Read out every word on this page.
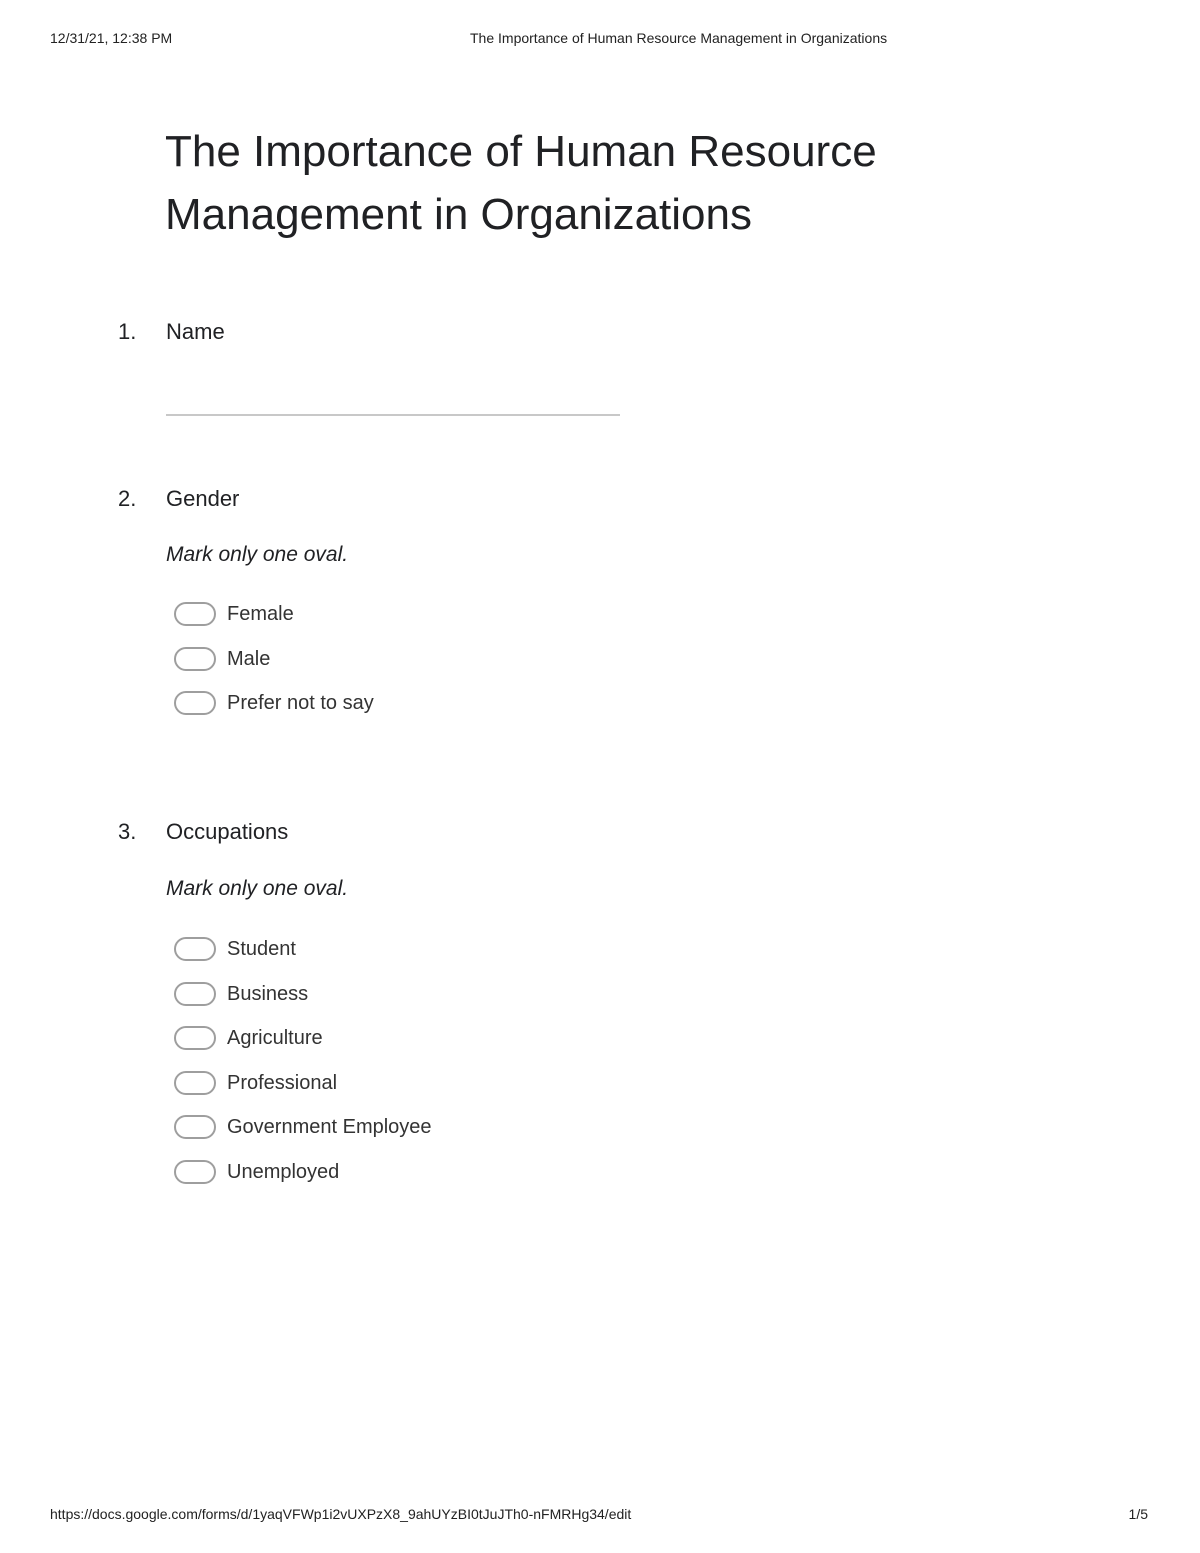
12/31/21, 12:38 PM	The Importance of Human Resource Management in Organizations
The Importance of Human Resource Management in Organizations
1. Name
2. Gender
Mark only one oval.
Female
Male
Prefer not to say
3. Occupations
Mark only one oval.
Student
Business
Agriculture
Professional
Government Employee
Unemployed
https://docs.google.com/forms/d/1yaqVFWp1i2vUXPzX8_9ahUYzBI0tJuJTh0-nFMRHg34/edit	1/5
